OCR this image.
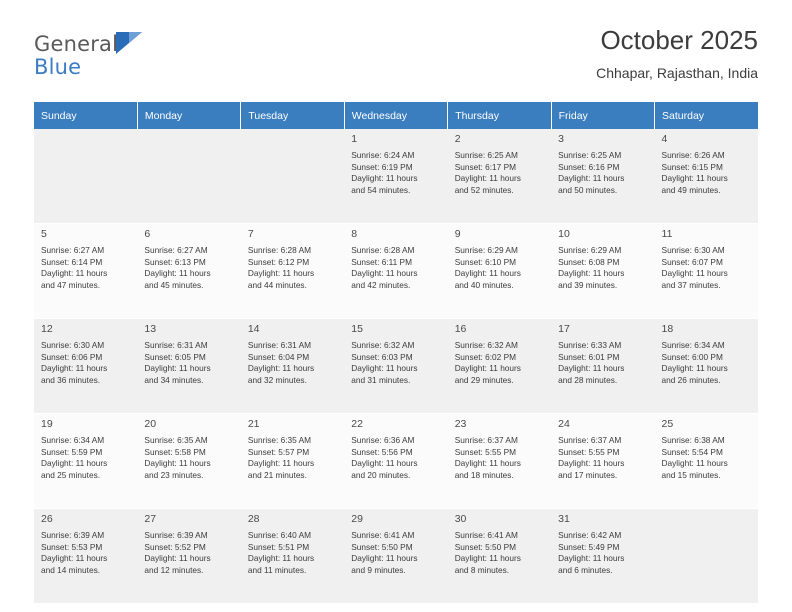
General
Blue
October 2025
Chhapar, Rajasthan, India
Sunday	Monday	Tuesday	Wednesday	Thursday	Friday	Saturday

			1
Sunrise: 6:24 AM
Sunset: 6:19 PM
Daylight: 11 hours
and 54 minutes.	2
Sunrise: 6:25 AM
Sunset: 6:17 PM
Daylight: 11 hours
and 52 minutes.	3
Sunrise: 6:25 AM
Sunset: 6:16 PM
Daylight: 11 hours
and 50 minutes.	4
Sunrise: 6:26 AM
Sunset: 6:15 PM
Daylight: 11 hours
and 49 minutes.

5
Sunrise: 6:27 AM
Sunset: 6:14 PM
Daylight: 11 hours
and 47 minutes.	6
Sunrise: 6:27 AM
Sunset: 6:13 PM
Daylight: 11 hours
and 45 minutes.	7
Sunrise: 6:28 AM
Sunset: 6:12 PM
Daylight: 11 hours
and 44 minutes.	8
Sunrise: 6:28 AM
Sunset: 6:11 PM
Daylight: 11 hours
and 42 minutes.	9
Sunrise: 6:29 AM
Sunset: 6:10 PM
Daylight: 11 hours
and 40 minutes.	10
Sunrise: 6:29 AM
Sunset: 6:08 PM
Daylight: 11 hours
and 39 minutes.	11
Sunrise: 6:30 AM
Sunset: 6:07 PM
Daylight: 11 hours
and 37 minutes.

12
Sunrise: 6:30 AM
Sunset: 6:06 PM
Daylight: 11 hours
and 36 minutes.	13
Sunrise: 6:31 AM
Sunset: 6:05 PM
Daylight: 11 hours
and 34 minutes.	14
Sunrise: 6:31 AM
Sunset: 6:04 PM
Daylight: 11 hours
and 32 minutes.	15
Sunrise: 6:32 AM
Sunset: 6:03 PM
Daylight: 11 hours
and 31 minutes.	16
Sunrise: 6:32 AM
Sunset: 6:02 PM
Daylight: 11 hours
and 29 minutes.	17
Sunrise: 6:33 AM
Sunset: 6:01 PM
Daylight: 11 hours
and 28 minutes.	18
Sunrise: 6:34 AM
Sunset: 6:00 PM
Daylight: 11 hours
and 26 minutes.

19
Sunrise: 6:34 AM
Sunset: 5:59 PM
Daylight: 11 hours
and 25 minutes.	20
Sunrise: 6:35 AM
Sunset: 5:58 PM
Daylight: 11 hours
and 23 minutes.	21
Sunrise: 6:35 AM
Sunset: 5:57 PM
Daylight: 11 hours
and 21 minutes.	22
Sunrise: 6:36 AM
Sunset: 5:56 PM
Daylight: 11 hours
and 20 minutes.	23
Sunrise: 6:37 AM
Sunset: 5:55 PM
Daylight: 11 hours
and 18 minutes.	24
Sunrise: 6:37 AM
Sunset: 5:55 PM
Daylight: 11 hours
and 17 minutes.	25
Sunrise: 6:38 AM
Sunset: 5:54 PM
Daylight: 11 hours
and 15 minutes.

26
Sunrise: 6:39 AM
Sunset: 5:53 PM
Daylight: 11 hours
and 14 minutes.	27
Sunrise: 6:39 AM
Sunset: 5:52 PM
Daylight: 11 hours
and 12 minutes.	28
Sunrise: 6:40 AM
Sunset: 5:51 PM
Daylight: 11 hours
and 11 minutes.	29
Sunrise: 6:41 AM
Sunset: 5:50 PM
Daylight: 11 hours
and 9 minutes.	30
Sunrise: 6:41 AM
Sunset: 5:50 PM
Daylight: 11 hours
and 8 minutes.	31
Sunrise: 6:42 AM
Sunset: 5:49 PM
Daylight: 11 hours
and 6 minutes.	
